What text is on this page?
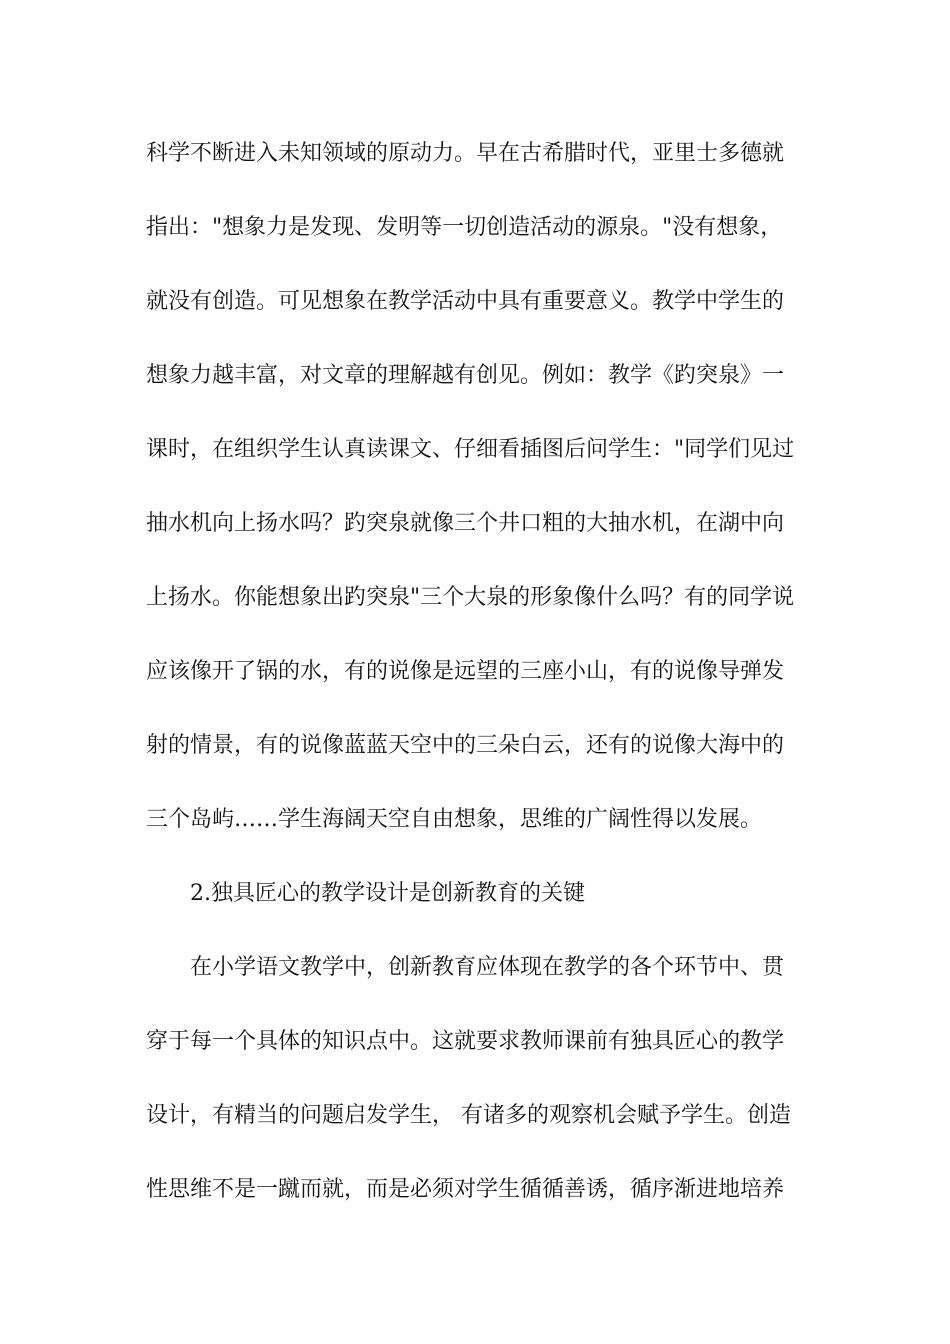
科学不断进入未知领域的原动力。早在古希腊时代，亚里士多德就
指出："想象力是发现、发明等一切创造活动的源泉。"没有想象，
就没有创造。可见想象在教学活动中具有重要意义。教学中学生的
想象力越丰富，对文章的理解越有创见。例如：教学《趵突泉》一
课时，在组织学生认真读课文、仔细看插图后问学生："同学们见过
抽水机向上扬水吗？趵突泉就像三个井口粗的大抽水机，在湖中向
上扬水。你能想象出趵突泉"三个大泉的形象像什么吗？有的同学说
应该像开了锅的水，有的说像是远望的三座小山，有的说像导弹发
射的情景，有的说像蓝蓝天空中的三朵白云，还有的说像大海中的
三个岛屿……学生海阔天空自由想象，思维的广阔性得以发展。
2.独具匠心的教学设计是创新教育的关键
在小学语文教学中，创新教育应体现在教学的各个环节中、贯
穿于每一个具体的知识点中。这就要求教师课前有独具匠心的教学
设计，有精当的问题启发学生， 有诸多的观察机会赋予学生。创造
性思维不是一蹴而就，而是必须对学生循循善诱，循序渐进地培养
